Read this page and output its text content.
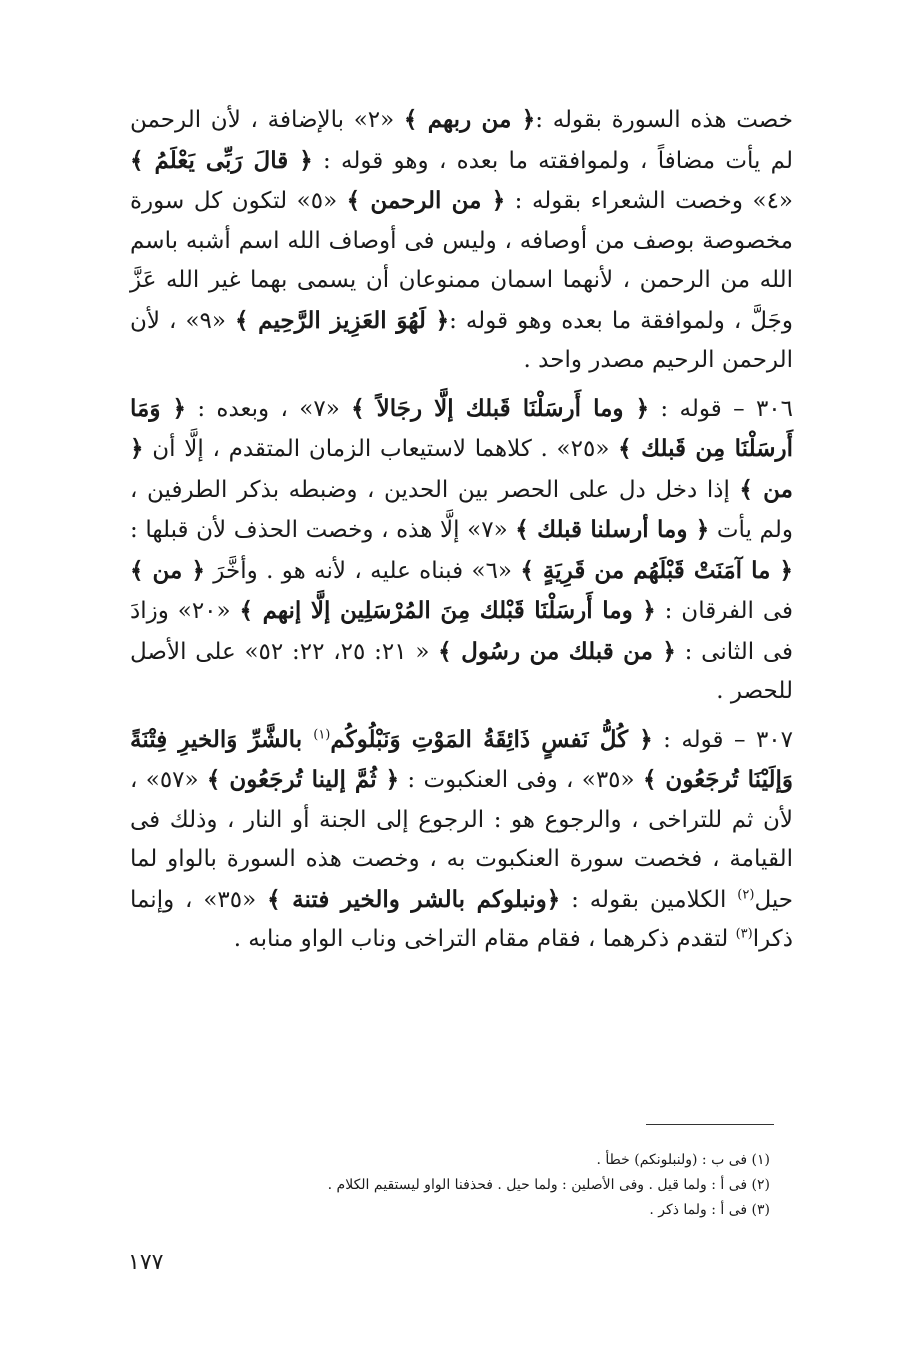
خصت هذه السورة بقوله :﴿ من ربهم ﴾ «٢» بالإضافة ، لأن الرحمن لم يأت مضافاً ، ولموافقته ما بعده ، وهو قوله : ﴿ قالَ رَبِّى يَعْلَمُ ﴾ «٤» وخصت الشعراء بقوله : ﴿ من الرحمن ﴾ «٥» لتكون كل سورة مخصوصة بوصف من أوصافه ، وليس فى أوصاف الله اسم أشبه باسم الله من الرحمن ، لأنهما اسمان ممنوعان أن يسمى بهما غير الله عَزَّ وجَلَّ ، ولموافقة ما بعده وهو قوله :﴿ لَهُوَ العَزِيز الرَّحِيم ﴾ «٩» ، لأن الرحمن الرحيم مصدر واحد .

٣٠٦ – قوله : ﴿ وما أَرسَلْنَا قَبلك إلَّا رجَالاً ﴾ «٧» ، وبعده : ﴿ وَمَا أَرسَلْنَا مِن قَبلك ﴾ «٢٥» . كلاهما لاستيعاب الزمان المتقدم ، إلَّا أن ﴿ من ﴾ إذا دخل دل على الحصر بين الحدين ، وضبطه بذكر الطرفين ، ولم يأت ﴿ وما أرسلنا قبلك ﴾ «٧» إلَّا هذه ، وخصت الحذف لأن قبلها : ﴿ ما آمَنَتْ قَبْلَهُم من قَرِيَةٍ ﴾ «٦» فبناه عليه ، لأنه هو . وأخَّرَ ﴿ من ﴾ فى الفرقان : ﴿ وما أَرسَلْنَا قَبْلك مِنَ المُرْسَلِين إلَّا إنهم ﴾ «٢٠» وزادَ فى الثانى : ﴿ من قبلك من رسُول ﴾ « ٢١: ٢٥، ٢٢: ٥٢» على الأصل للحصر .

٣٠٧ – قوله : ﴿ كُلُّ نَفسٍ ذَائِقَةُ المَوْتِ وَنَبْلُوكُم$^{(١)}$ بالشَّرِّ وَالخيرِ فِتْنَةً وَإلَيْنَا تُرجَعُون ﴾ «٣٥» ، وفى العنكبوت : ﴿ ثُمَّ إلينا تُرجَعُون ﴾ «٥٧» ، لأن ثم للتراخى ، والرجوع هو : الرجوع إلى الجنة أو النار ، وذلك فى القيامة ، فخصت سورة العنكبوت به ، وخصت هذه السورة بالواو لما حيل$^{(٢)}$ الكلامين بقوله : ﴿ونبلوكم بالشر والخير فتنة ﴾ «٣٥» ، وإنما ذكرا$^{(٣)}$ لتقدم ذكرهما ، فقام مقام التراخى وناب الواو منابه .

(١) فى ب : (ولنبلونكم) خطأ .
(٢) فى أ : ولما قيل . وفى الأصلين : ولما حيل . فحذفنا الواو ليستقيم الكلام .
(٣) فى أ : ولما ذكر .
١٧٧
